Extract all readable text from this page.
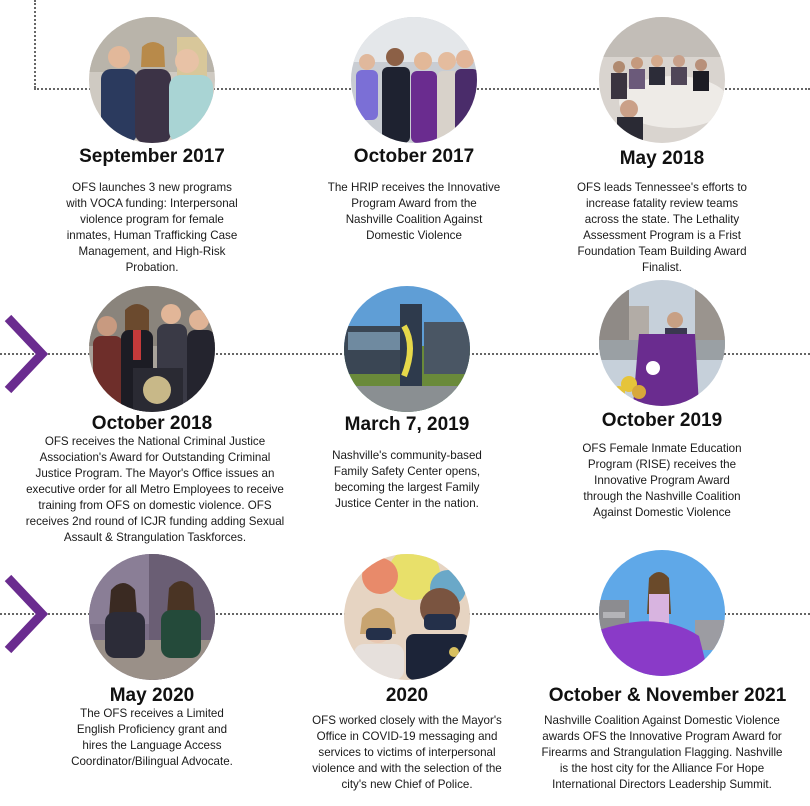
September 2017
OFS launches 3 new programs
with VOCA funding: Interpersonal
violence program for female
inmates, Human Trafficking Case
Management, and High-Risk
Probation.
October 2017
The HRIP receives the Innovative
Program Award from the
Nashville Coalition Against
Domestic Violence
May 2018
OFS leads Tennessee's efforts to
increase fatality review teams
across the state. The Lethality
Assessment Program is a Frist
Foundation Team Building Award
Finalist.
October 2018
OFS receives the National Criminal Justice
Association's Award for Outstanding Criminal
Justice Program. The Mayor's Office issues an
executive order for all Metro Employees to receive
training from OFS on domestic violence. OFS
receives 2nd round of ICJR funding adding Sexual
Assault & Strangulation Taskforces.
March 7, 2019
Nashville's community-based
Family Safety Center opens,
becoming the largest Family
Justice Center in the nation.
October 2019
OFS Female Inmate Education
Program (RISE) receives the
Innovative Program Award
through the Nashville Coalition
Against Domestic Violence
May 2020
The OFS receives a Limited
English Proficiency grant and
hires the Language Access
Coordinator/Bilingual Advocate.
2020
OFS worked closely with the Mayor's
Office in COVID-19 messaging and
services to victims of interpersonal
violence and with the selection of the
city's new Chief of Police.
October & November 2021
Nashville Coalition Against Domestic Violence
awards OFS the Innovative Program Award for
Firearms and Strangulation Flagging. Nashville
is the host city for the Alliance For Hope
International Directors Leadership Summit.
